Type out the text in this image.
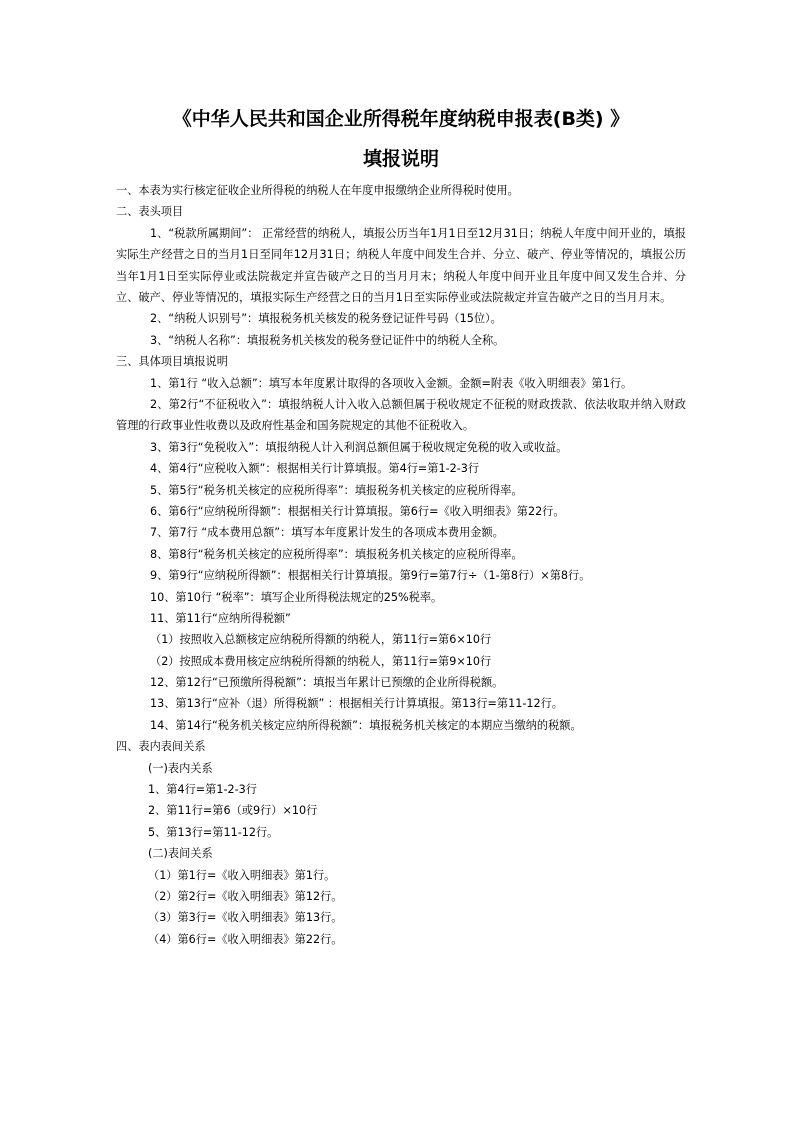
《中华人民共和国企业所得税年度纳税申报表(B类) 》
填报说明
一、本表为实行核定征收企业所得税的纳税人在年度申报缴纳企业所得税时使用。
二、表头项目
1、“税款所属期间”： 正常经营的纳税人，填报公历当年1月1日至12月31日；纳税人年度中间开业的，填报实际生产经营之日的当月1日至同年12月31日；纳税人年度中间发生合并、分立、破产、停业等情况的，填报公历当年1月1日至实际停业或法院裁定并宣告破产之日的当月月末；纳税人年度中间开业且年度中间又发生合并、分立、破产、停业等情况的，填报实际生产经营之日的当月1日至实际停业或法院裁定并宣告破产之日的当月月末。
2、“纳税人识别号”：填报税务机关核发的税务登记证件号码（15位）。
3、“纳税人名称”：填报税务机关核发的税务登记证件中的纳税人全称。
三、具体项目填报说明
1、第1行 “收入总额”：填写本年度累计取得的各项收入金额。金额=附表《收入明细表》第1行。
2、第2行“不征税收入”：填报纳税人计入收入总额但属于税收规定不征税的财政拨款、依法收取并纳入财政管理的行政事业性收费以及政府性基金和国务院规定的其他不征税收入。
3、第3行“免税收入”：填报纳税人计入利润总额但属于税收规定免税的收入或收益。
4、第4行“应税收入额”：根据相关行计算填报。第4行=第1-2-3行
5、第5行“税务机关核定的应税所得率”：填报税务机关核定的应税所得率。
6、第6行“应纳税所得额”：根据相关行计算填报。第6行=《收入明细表》第22行。
7、第7行 “成本费用总额”：填写本年度累计发生的各项成本费用金额。
8、第8行“税务机关核定的应税所得率”：填报税务机关核定的应税所得率。
9、第9行“应纳税所得额”：根据相关行计算填报。第9行=第7行÷（1-第8行）×第8行。
10、第10行 “税率”：填写企业所得税法规定的25%税率。
11、第11行“应纳所得税额”
（1）按照收入总额核定应纳税所得额的纳税人，第11行=第6×10行
（2）按照成本费用核定应纳税所得额的纳税人，第11行=第9×10行
12、第12行“已预缴所得税额”：填报当年累计已预缴的企业所得税额。
13、第13行“应补（退）所得税额” ：根据相关行计算填报。第13行=第11-12行。
14、第14行“税务机关核定应纳所得税额”：填报税务机关核定的本期应当缴纳的税额。
四、表内表间关系
(一)表内关系
1、第4行=第1-2-3行
2、第11行=第6（或9行）×10行
5、第13行=第11-12行。
(二)表间关系
（1）第1行=《收入明细表》第1行。
（2）第2行=《收入明细表》第12行。
（3）第3行=《收入明细表》第13行。
（4）第6行=《收入明细表》第22行。
